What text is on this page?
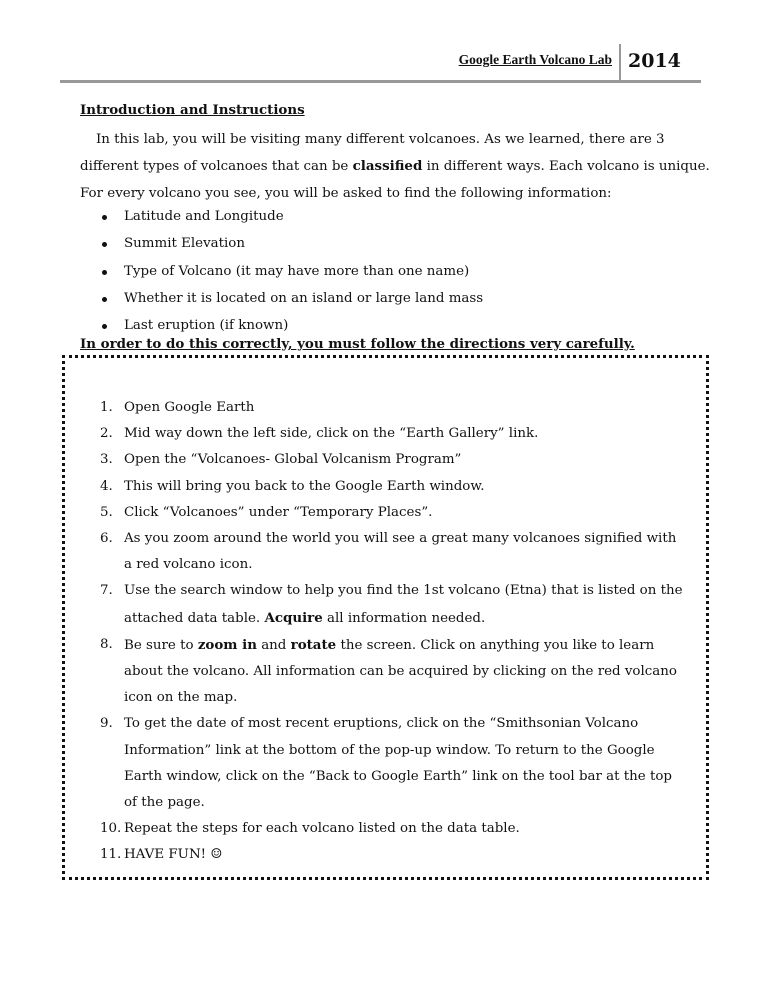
Google Earth Volcano Lab 2014
Introduction and Instructions
In this lab, you will be visiting many different volcanoes. As we learned, there are 3 different types of volcanoes that can be classified in different ways. Each volcano is unique. For every volcano you see, you will be asked to find the following information:
Latitude and Longitude
Summit Elevation
Type of Volcano (it may have more than one name)
Whether it is located on an island or large land mass
Last eruption (if known)
In order to do this correctly, you must follow the directions very carefully.
1. Open Google Earth
2. Mid way down the left side, click on the “Earth Gallery” link.
3. Open the “Volcanoes- Global Volcanism Program”
4. This will bring you back to the Google Earth window.
5. Click “Volcanoes” under “Temporary Places”.
6. As you zoom around the world you will see a great many volcanoes signified with a red volcano icon.
7. Use the search window to help you find the 1st volcano (Etna) that is listed on the attached data table. Acquire all information needed.
8. Be sure to zoom in and rotate the screen. Click on anything you like to learn about the volcano. All information can be acquired by clicking on the red volcano icon on the map.
9. To get the date of most recent eruptions, click on the “Smithsonian Volcano Information” link at the bottom of the pop-up window. To return to the Google Earth window, click on the “Back to Google Earth” link on the tool bar at the top of the page.
10. Repeat the steps for each volcano listed on the data table.
11. HAVE FUN! ☺
